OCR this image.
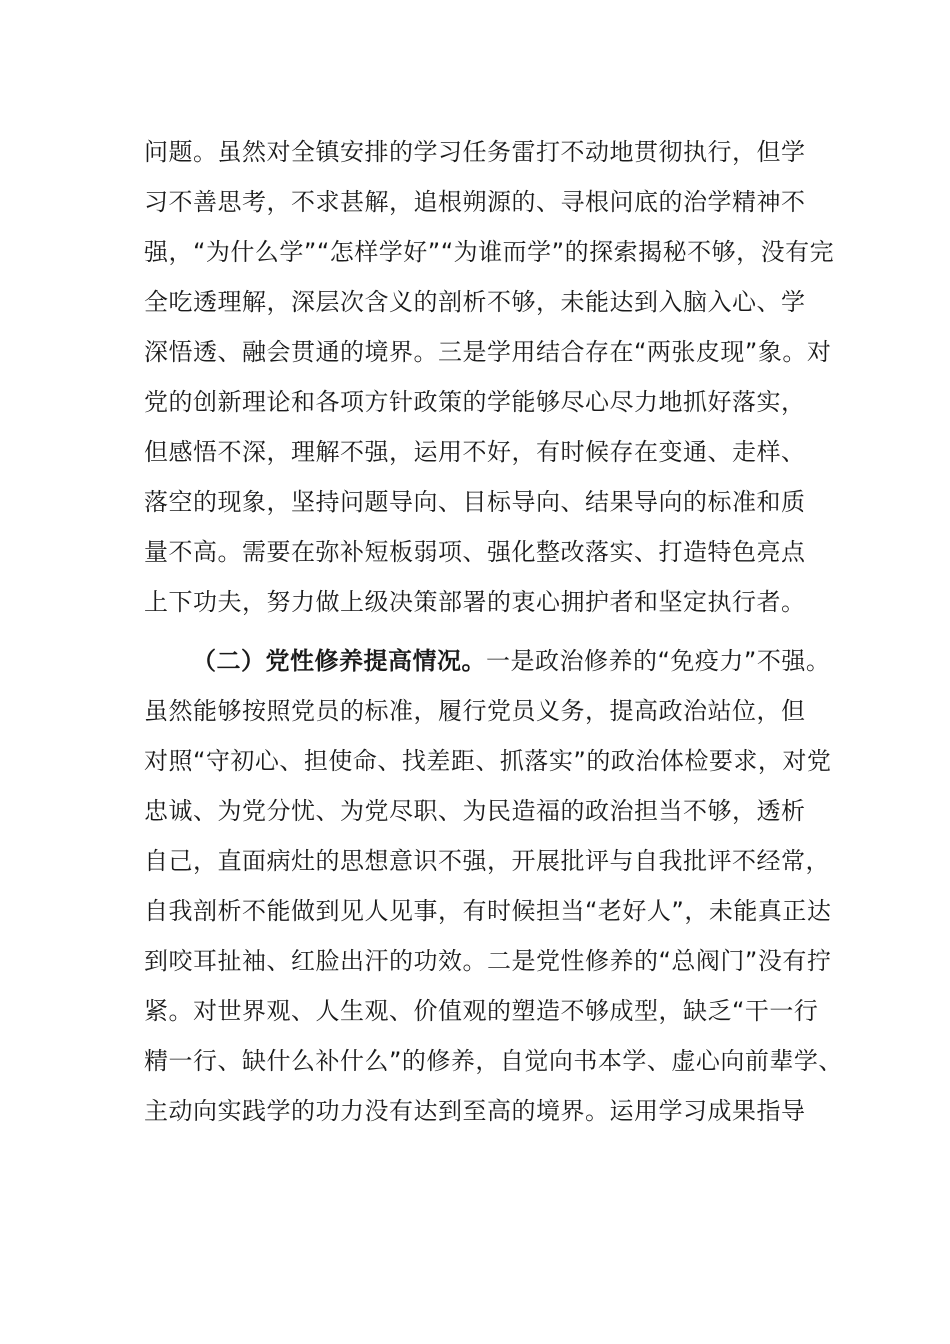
问题。虽然对全镇安排的学习任务雷打不动地贯彻执行，但学
习不善思考，不求甚解，追根朔源的、寻根问底的治学精神不
强，“为什么学”“怎样学好”“为谁而学”的探索揭秘不够，没有完
全吃透理解，深层次含义的剖析不够，未能达到入脑入心、学
深悟透、融会贯通的境界。三是学用结合存在“两张皮现”象。对
党的创新理论和各项方针政策的学能够尽心尽力地抓好落实，
但感悟不深，理解不强，运用不好，有时候存在变通、走样、
落空的现象，坚持问题导向、目标导向、结果导向的标准和质
量不高。需要在弥补短板弱项、强化整改落实、打造特色亮点
上下功夫，努力做上级决策部署的衷心拥护者和坚定执行者。
（二）党性修养提高情况。一是政治修养的“免疫力”不强。
虽然能够按照党员的标准，履行党员义务，提高政治站位，但
对照“守初心、担使命、找差距、抓落实”的政治体检要求，对党
忠诚、为党分忧、为党尽职、为民造福的政治担当不够，透析
自己，直面病灶的思想意识不强，开展批评与自我批评不经常，
自我剖析不能做到见人见事，有时候担当“老好人”，未能真正达
到咬耳扯袖、红脸出汗的功效。二是党性修养的“总阀门”没有拧
紧。对世界观、人生观、价值观的塑造不够成型，缺乏“干一行
精一行、缺什么补什么”的修养，自觉向书本学、虚心向前辈学、
主动向实践学的功力没有达到至高的境界。运用学习成果指导
